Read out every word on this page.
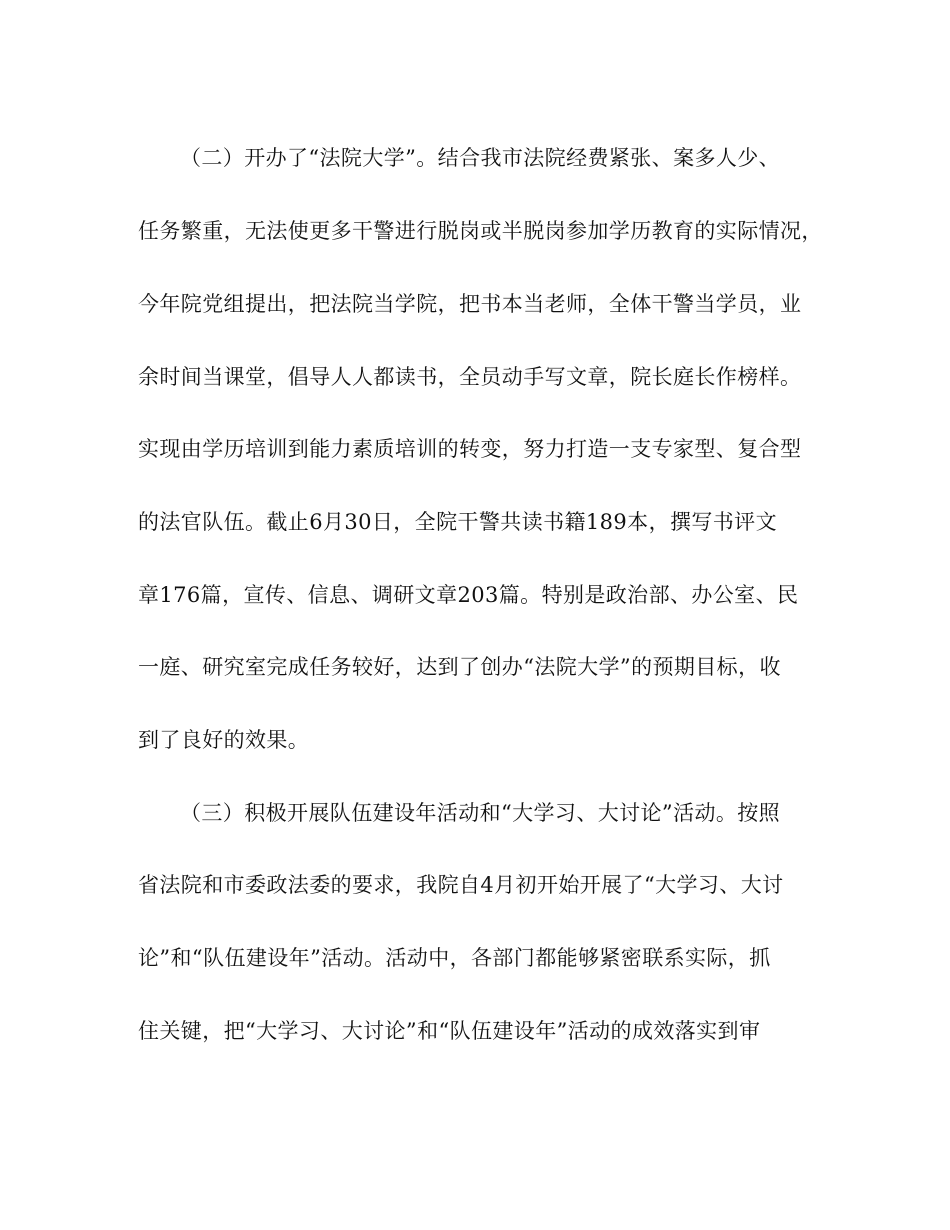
（二）开办了“法院大学”。结合我市法院经费紧张、案多人少、
任务繁重，无法使更多干警进行脱岗或半脱岗参加学历教育的实际情况，
今年院党组提出，把法院当学院，把书本当老师，全体干警当学员，业
余时间当课堂，倡导人人都读书，全员动手写文章，院长庭长作榜样。
实现由学历培训到能力素质培训的转变，努力打造一支专家型、复合型
的法官队伍。截止6月30日，全院干警共读书籍189本，撰写书评文
章176篇，宣传、信息、调研文章203篇。特别是政治部、办公室、民
一庭、研究室完成任务较好，达到了创办“法院大学”的预期目标，收
到了良好的效果。
（三）积极开展队伍建设年活动和“大学习、大讨论”活动。按照
省法院和市委政法委的要求，我院自4月初开始开展了“大学习、大讨
论”和“队伍建设年”活动。活动中，各部门都能够紧密联系实际，抓
住关键，把“大学习、大讨论”和“队伍建设年”活动的成效落实到审
